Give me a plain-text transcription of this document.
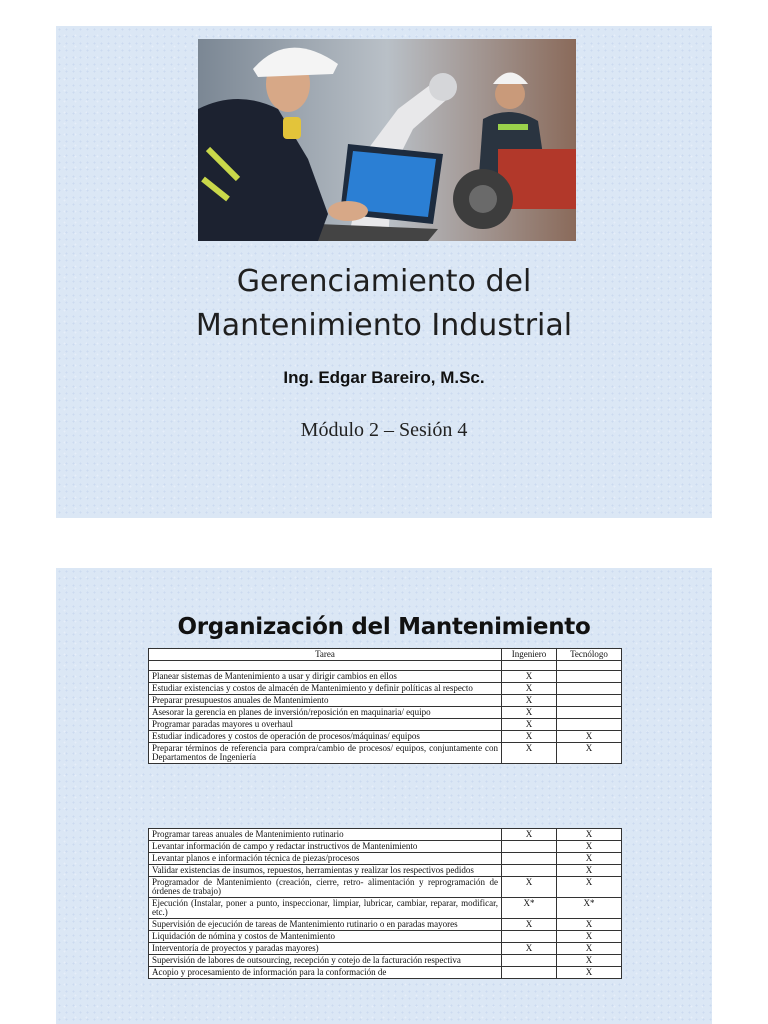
Gerenciamiento del
Mantenimiento Industrial
Ing. Edgar Bareiro, M.Sc.
Módulo 2 – Sesión 4
Organización del Mantenimiento
Tarea	Ingeniero	Tecnólogo

Planear sistemas de Mantenimiento a usar y dirigir cambios en ellos	X	
Estudiar existencias y costos de almacén de Mantenimiento y definir políticas al respecto	X	
Preparar presupuestos anuales de Mantenimiento	X	
Asesorar la gerencia en planes de inversión/reposición en maquinaria/ equipo	X	
Programar paradas mayores u overhaul	X	
Estudiar indicadores y costos de operación de procesos/máquinas/ equipos	X	X
Preparar términos de referencia para compra/cambio de procesos/ equipos, conjuntamente con Departamentos de Ingeniería	X	X
Programar tareas anuales de Mantenimiento rutinario	X	X
Levantar información de campo y redactar instructivos de Mantenimiento		X
Levantar planos e información técnica de piezas/procesos		X
Validar existencias de insumos, repuestos, herramientas y realizar los respectivos pedidos		X
Programador de Mantenimiento (creación, cierre, retro- alimentación y reprogramación de órdenes de trabajo)	X	X
Ejecución (Instalar, poner a punto, inspeccionar, limpiar, lubricar, cambiar, reparar, modificar, etc.)	X*	X*
Supervisión de ejecución de tareas de Mantenimiento rutinario o en paradas mayores	X	X
Liquidación de nómina y costos de Mantenimiento		X
Interventoría de proyectos y paradas mayores)	X	X
Supervisión de labores de outsourcing, recepción y cotejo de la facturación respectiva		X
Acopio y procesamiento de información para la conformación de		X
